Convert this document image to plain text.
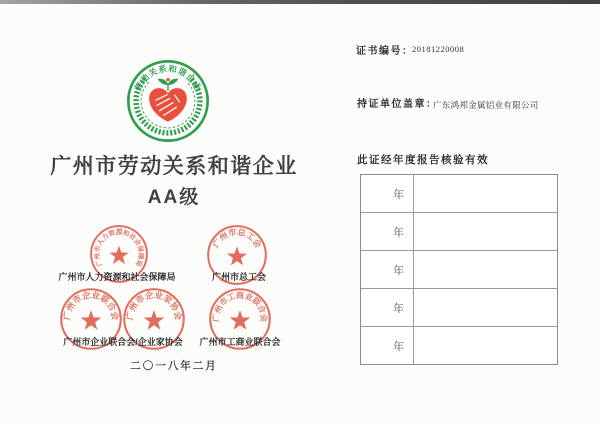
劳动关系和谐企业
广州市劳动关系和谐企业
AA级
广州市人力资源和社会保障局
广州市总工会
广州市企业联合会 广州市企业家协会 广州市工商业联合会
广州市人力资源和社会保障局	广州市总工会
广州市企业联合会/企业家协会	广州市工商业联合会
二〇一八年二月
证书编号：
20181220008
持证单位盖章：
广东鸿邦金属铝业有限公司
此证经年度报告核验有效
年
年
年
年
年
